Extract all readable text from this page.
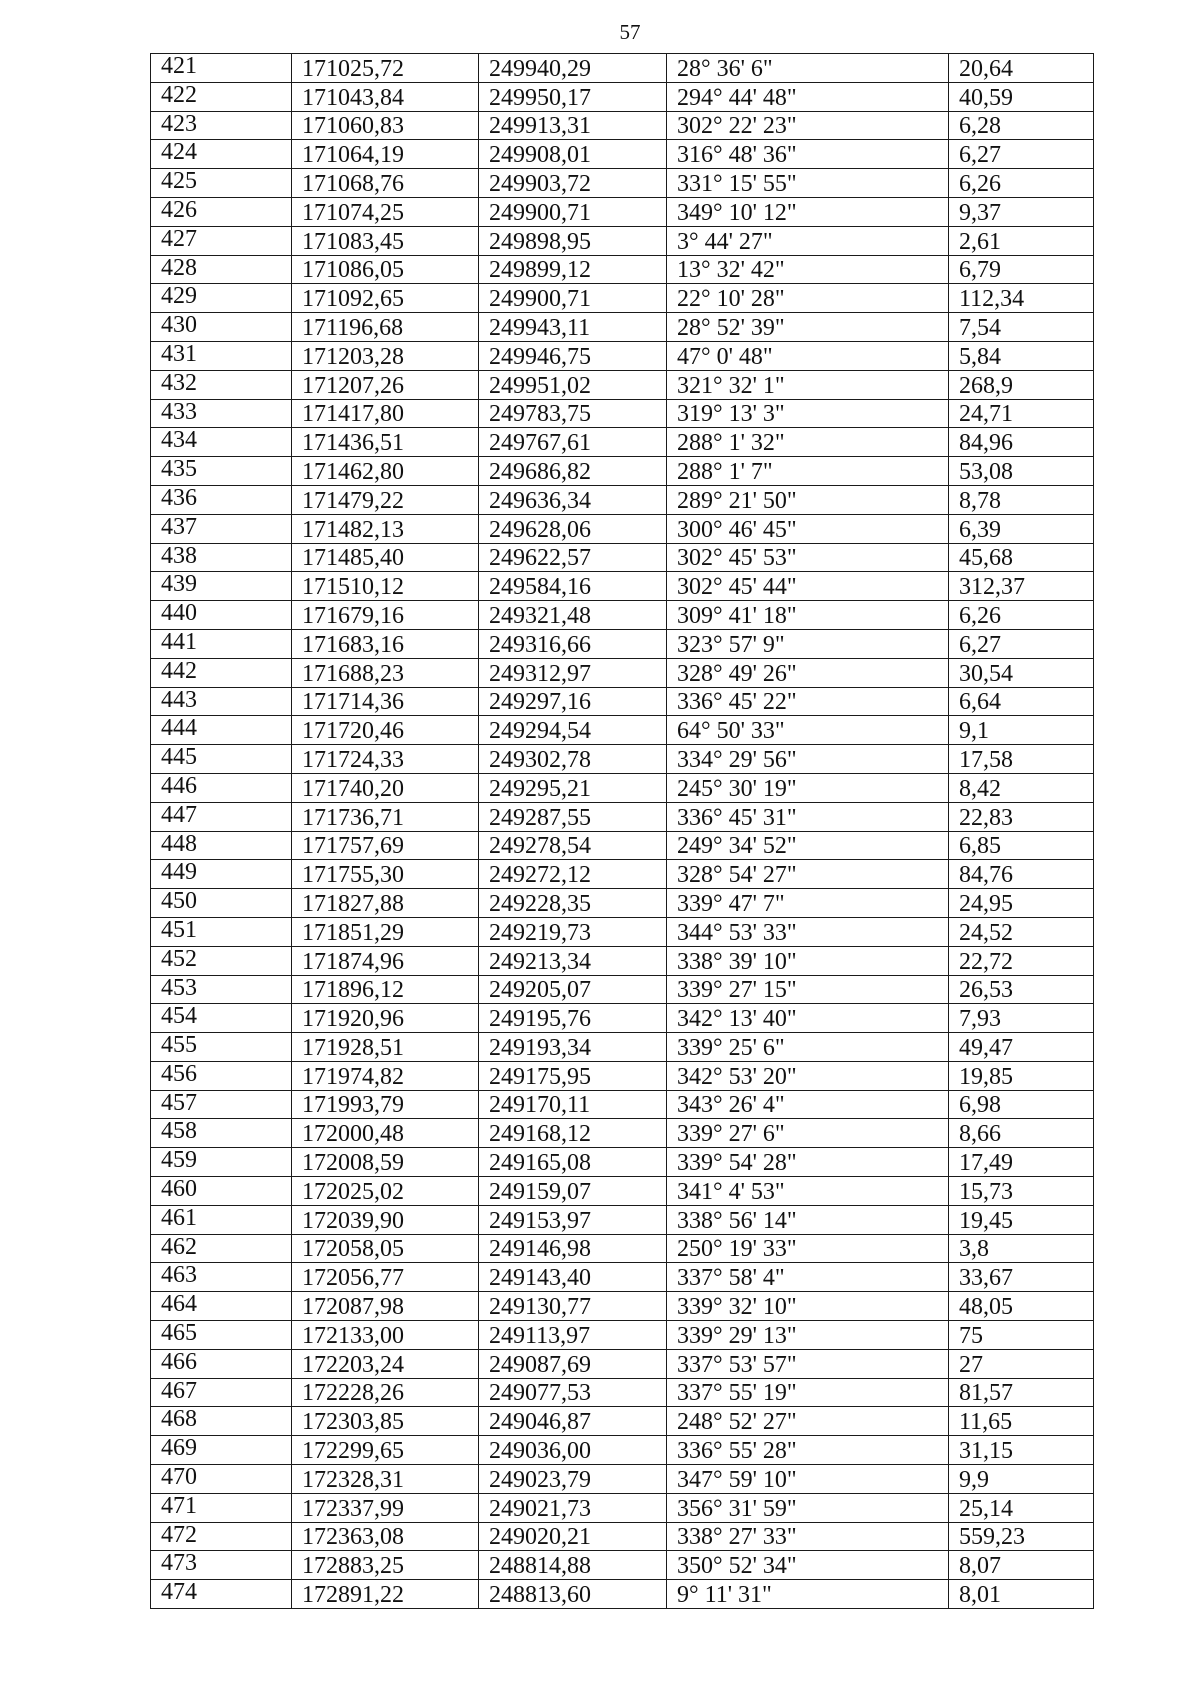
57
421	171025,72	249940,29	28° 36' 6"	20,64
422	171043,84	249950,17	294° 44' 48"	40,59
423	171060,83	249913,31	302° 22' 23"	6,28
424	171064,19	249908,01	316° 48' 36"	6,27
425	171068,76	249903,72	331° 15' 55"	6,26
426	171074,25	249900,71	349° 10' 12"	9,37
427	171083,45	249898,95	3° 44' 27"	2,61
428	171086,05	249899,12	13° 32' 42"	6,79
429	171092,65	249900,71	22° 10' 28"	112,34
430	171196,68	249943,11	28° 52' 39"	7,54
431	171203,28	249946,75	47° 0' 48"	5,84
432	171207,26	249951,02	321° 32' 1"	268,9
433	171417,80	249783,75	319° 13' 3"	24,71
434	171436,51	249767,61	288° 1' 32"	84,96
435	171462,80	249686,82	288° 1' 7"	53,08
436	171479,22	249636,34	289° 21' 50"	8,78
437	171482,13	249628,06	300° 46' 45"	6,39
438	171485,40	249622,57	302° 45' 53"	45,68
439	171510,12	249584,16	302° 45' 44"	312,37
440	171679,16	249321,48	309° 41' 18"	6,26
441	171683,16	249316,66	323° 57' 9"	6,27
442	171688,23	249312,97	328° 49' 26"	30,54
443	171714,36	249297,16	336° 45' 22"	6,64
444	171720,46	249294,54	64° 50' 33"	9,1
445	171724,33	249302,78	334° 29' 56"	17,58
446	171740,20	249295,21	245° 30' 19"	8,42
447	171736,71	249287,55	336° 45' 31"	22,83
448	171757,69	249278,54	249° 34' 52"	6,85
449	171755,30	249272,12	328° 54' 27"	84,76
450	171827,88	249228,35	339° 47' 7"	24,95
451	171851,29	249219,73	344° 53' 33"	24,52
452	171874,96	249213,34	338° 39' 10"	22,72
453	171896,12	249205,07	339° 27' 15"	26,53
454	171920,96	249195,76	342° 13' 40"	7,93
455	171928,51	249193,34	339° 25' 6"	49,47
456	171974,82	249175,95	342° 53' 20"	19,85
457	171993,79	249170,11	343° 26' 4"	6,98
458	172000,48	249168,12	339° 27' 6"	8,66
459	172008,59	249165,08	339° 54' 28"	17,49
460	172025,02	249159,07	341° 4' 53"	15,73
461	172039,90	249153,97	338° 56' 14"	19,45
462	172058,05	249146,98	250° 19' 33"	3,8
463	172056,77	249143,40	337° 58' 4"	33,67
464	172087,98	249130,77	339° 32' 10"	48,05
465	172133,00	249113,97	339° 29' 13"	75
466	172203,24	249087,69	337° 53' 57"	27
467	172228,26	249077,53	337° 55' 19"	81,57
468	172303,85	249046,87	248° 52' 27"	11,65
469	172299,65	249036,00	336° 55' 28"	31,15
470	172328,31	249023,79	347° 59' 10"	9,9
471	172337,99	249021,73	356° 31' 59"	25,14
472	172363,08	249020,21	338° 27' 33"	559,23
473	172883,25	248814,88	350° 52' 34"	8,07
474	172891,22	248813,60	9° 11' 31"	8,01
